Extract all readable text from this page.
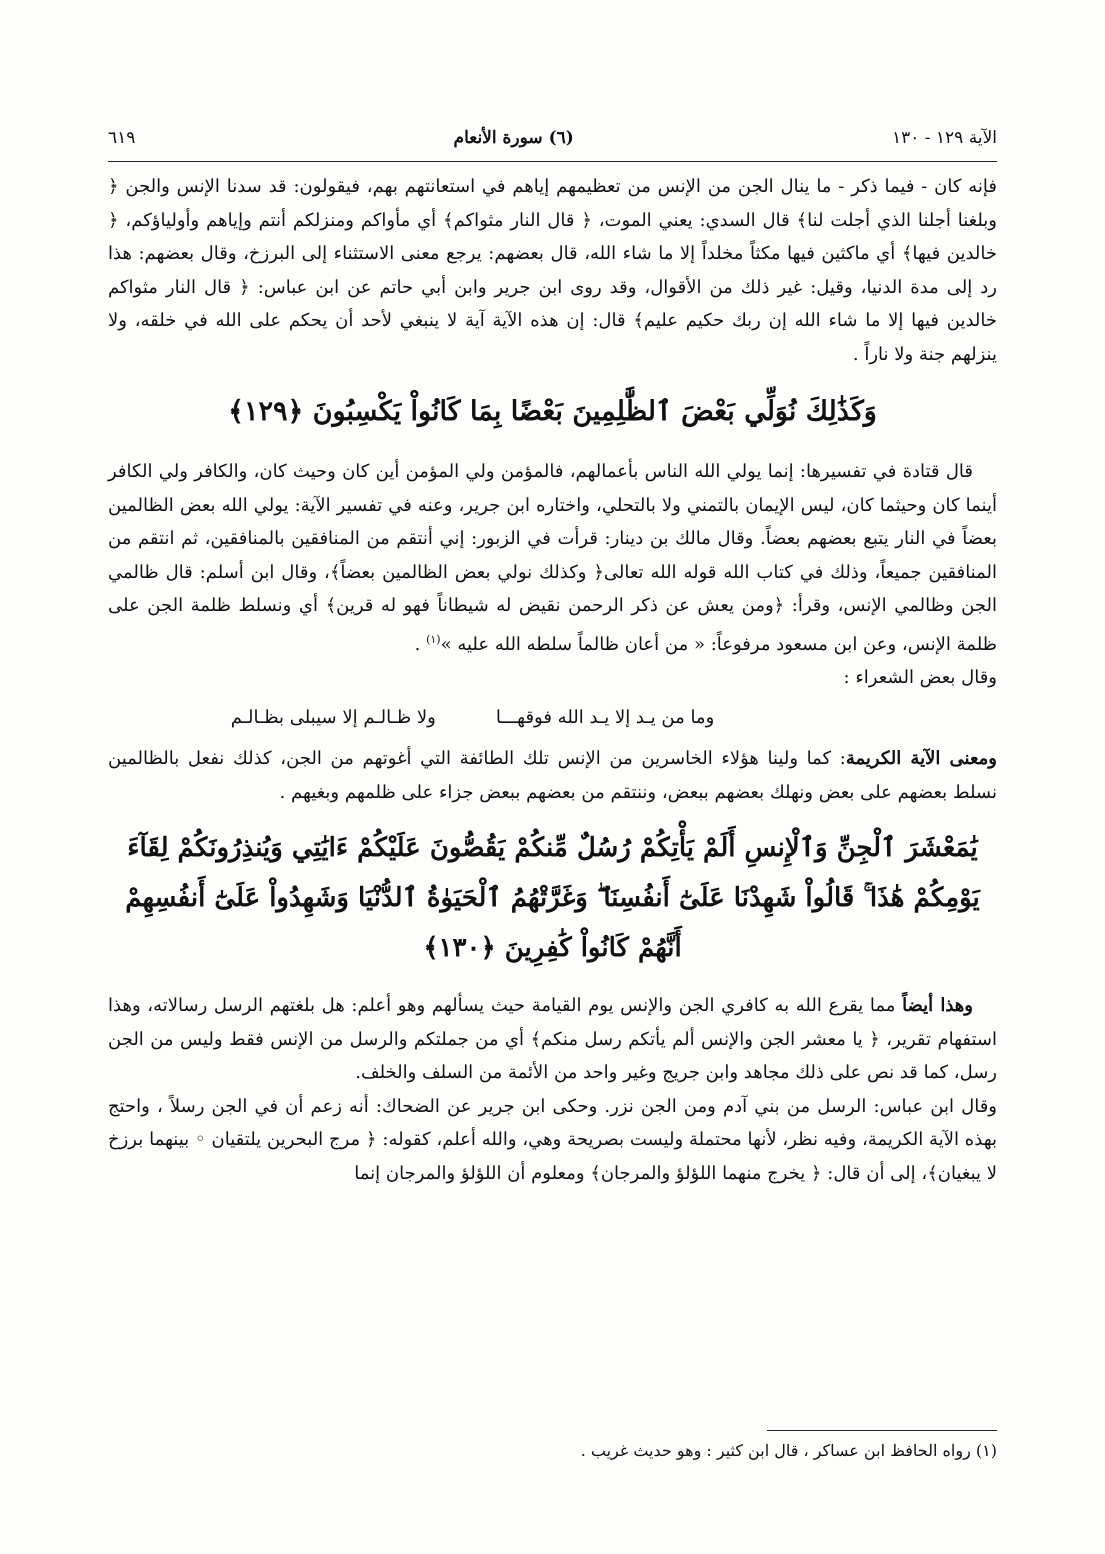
الآية ١٢٩ - ١٣٠
(٦) سورة الأنعام
٦١٩

فإنه كان - فيما ذكر - ما ينال الجن من الإنس من تعظيمهم إياهم في استعانتهم بهم، فيقولون: قد سدنا الإنس والجن ﴿ وبلغنا أجلنا الذي أجلت لنا﴾ قال السدي: يعني الموت، ﴿ قال النار مثواكم﴾ أي مأواكم ومنزلكم أنتم وإياهم وأولياؤكم، ﴿ خالدين فيها﴾ أي ماكثين فيها مكثاً مخلداً إلا ما شاء الله، قال بعضهم: يرجع معنى الاستثناء إلى البرزخ، وقال بعضهم: هذا رد إلى مدة الدنيا، وقيل: غير ذلك من الأقوال، وقد روى ابن جرير وابن أبي حاتم عن ابن عباس: ﴿ قال النار مثواكم خالدين فيها إلا ما شاء الله إن ربك حكيم عليم﴾ قال: إن هذه الآية آية لا ينبغي لأحد أن يحكم على الله في خلقه، ولا ينزلهم جنة ولا ناراً .

وَكَذَٰلِكَ نُوَلِّي بَعْضَ ٱلظَّٰلِمِينَ بَعْضًا بِمَا كَانُواْ يَكْسِبُونَ ﴿١٢٩﴾

قال قتادة في تفسيرها: إنما يولي الله الناس بأعمالهم، فالمؤمن ولي المؤمن أين كان وحيث كان، والكافر ولي الكافر أينما كان وحيثما كان، ليس الإيمان بالتمني ولا بالتحلي، واختاره ابن جرير، وعنه في تفسير الآية: يولي الله بعض الظالمين بعضاً في النار يتبع بعضهم بعضاً. وقال مالك بن دينار: قرأت في الزبور: إني أنتقم من المنافقين بالمنافقين، ثم انتقم من المنافقين جميعاً، وذلك في كتاب الله قوله الله تعالى﴿ وكذلك نولي بعض الظالمين بعضاً﴾، وقال ابن أسلم: قال ظالمي الجن وظالمي الإنس، وقرأ: ﴿ومن يعش عن ذكر الرحمن نقيض له شيطاناً فهو له قرين﴾ أي ونسلط ظلمة الجن على ظلمة الإنس، وعن ابن مسعود مرفوعاً: « من أعان ظالماً سلطه الله عليه »$^{(١)}$ .

وقال بعض الشعراء :

وما من يـد إلا يـد الله فوقهـــا
ولا ظـالـم إلا سيبلى بظـالـم

ومعنى الآية الكريمة: كما ولينا هؤلاء الخاسرين من الإنس تلك الطائفة التي أغوتهم من الجن، كذلك نفعل بالظالمين نسلط بعضهم على بعض ونهلك بعضهم ببعض، وننتقم من بعضهم ببعض جزاء على ظلمهم وبغيهم .

يَٰمَعْشَرَ ٱلْجِنِّ وَٱلْإِنسِ أَلَمْ يَأْتِكُمْ رُسُلٌ مِّنكُمْ يَقُصُّونَ عَلَيْكُمْ ءَايَٰتِي وَيُنذِرُونَكُمْ لِقَآءَ يَوْمِكُمْ هَٰذَا ۚ قَالُواْ شَهِدْنَا عَلَىٰٓ أَنفُسِنَا ۖ وَغَرَّتْهُمُ ٱلْحَيَوٰةُ ٱلدُّنْيَا وَشَهِدُواْ عَلَىٰٓ أَنفُسِهِمْ أَنَّهُمْ كَانُواْ كَٰفِرِينَ ﴿١٣٠﴾

وهذا أيضاً مما يقرع الله به كافري الجن والإنس يوم القيامة حيث يسألهم وهو أعلم: هل بلغتهم الرسل رسالاته، وهذا استفهام تقرير، ﴿ يا معشر الجن والإنس ألم يأتكم رسل منكم﴾ أي من جملتكم والرسل من الإنس فقط وليس من الجن رسل، كما قد نص على ذلك مجاهد وابن جريج وغير واحد من الأئمة من السلف والخلف.

وقال ابن عباس: الرسل من بني آدم ومن الجن نزر. وحكى ابن جرير عن الضحاك: أنه زعم أن في الجن رسلاً ، واحتج بهذه الآية الكريمة، وفيه نظر، لأنها محتملة وليست بصريحة وهي، والله أعلم، كقوله: ﴿ مرج البحرين يلتقيان ◦ بينهما برزخ لا يبغيان﴾، إلى أن قال: ﴿ يخرج منهما اللؤلؤ والمرجان﴾ ومعلوم أن اللؤلؤ والمرجان إنما

(١) رواه الحافظ ابن عساكر ، قال ابن كثير : وهو حديث غريب .
